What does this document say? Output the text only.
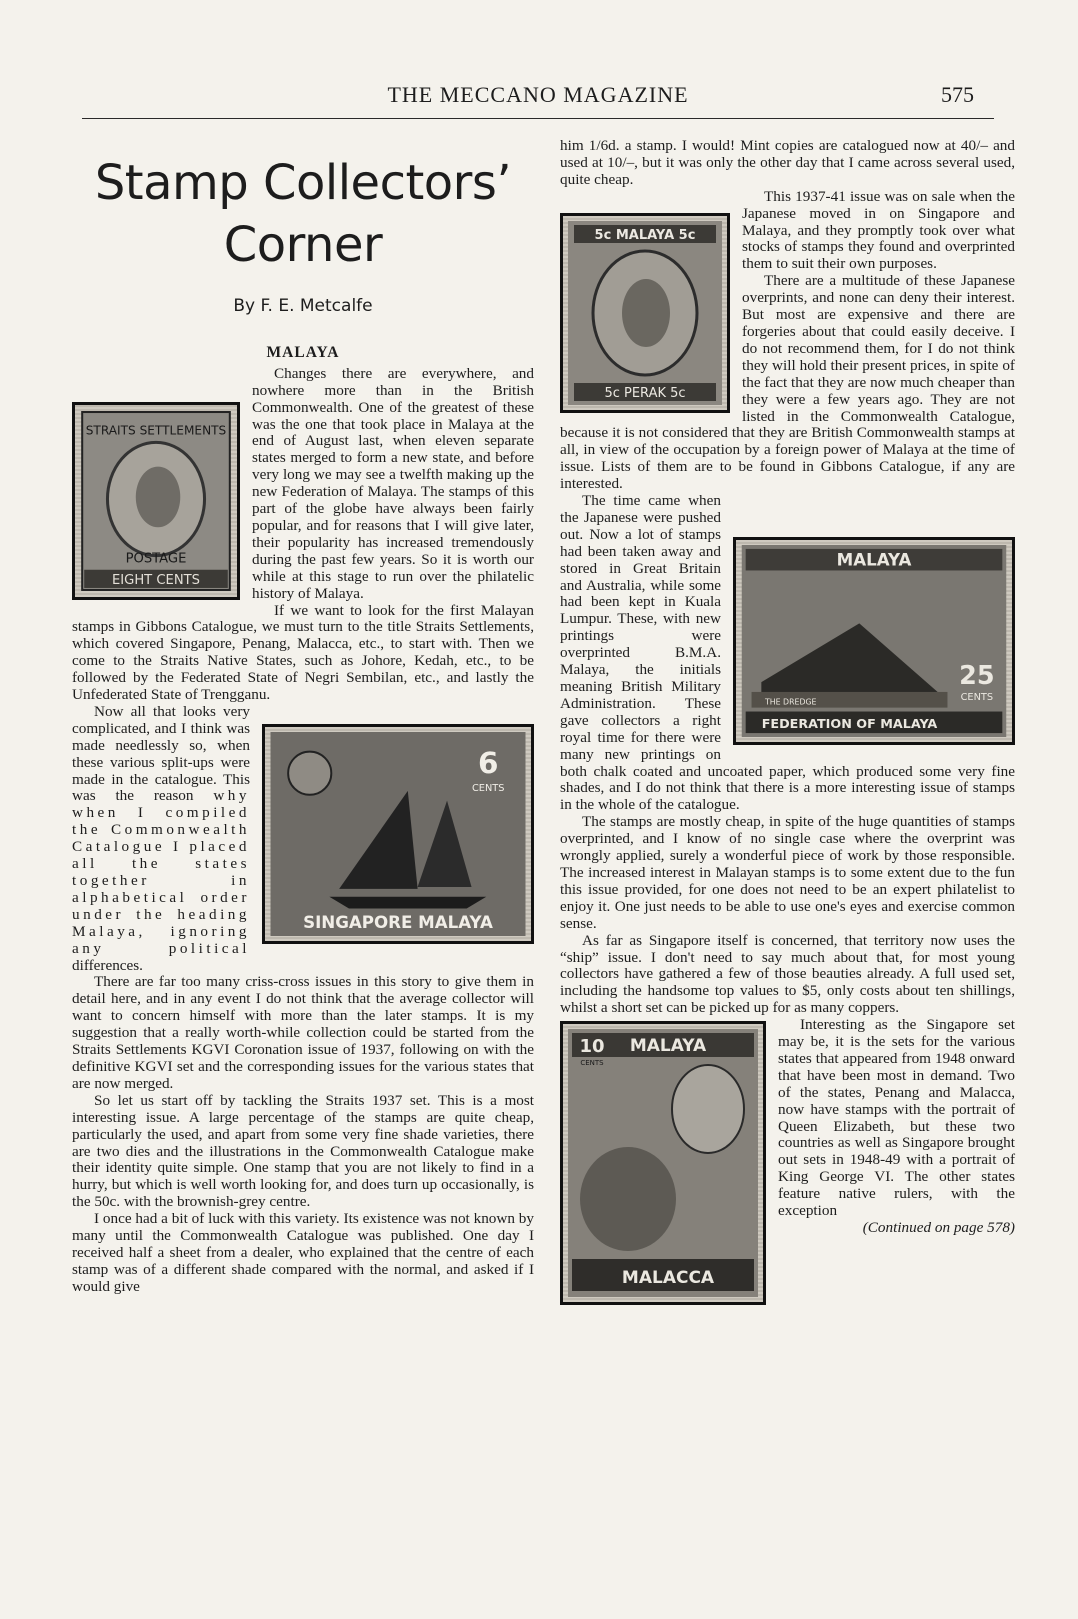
THE MECCANO MAGAZINE	575
Stamp Collectors’
Corner
By F. E. Metcalfe
MALAYA
STRAITS SETTLEMENTS
POSTAGE
EIGHT CENTS

Changes there are everywhere, and nowhere more than in the British Commonwealth. One of the greatest of these was the one that took place in Malaya at the end of August last, when eleven separate states merged to form a new state, and before very long we may see a twelfth making up the new Federation of Malaya. The stamps of this part of the globe have always been fairly popular, and for reasons that I will give later, their popularity has increased tremendously during the past few years. So it is worth our while at this stage to run over the philatelic history of Malaya.

If we want to look for the first Malayan stamps in Gibbons Catalogue, we must turn to the title Straits Settlements, which covered Singapore, Penang, Malacca, etc., to start with. Then we come to the Straits Native States, such as Johore, Kedah, etc., to be followed by the Federated State of Negri Sembilan, etc., and lastly the Unfederated State of Trengganu.

6
CENTS
SINGAPORE MALAYA

Now all that looks very complicated, and I think was made needlessly so, when these various split-ups were made in the catalogue. This was the reason why when I compiled the Commonwealth Catalogue I placed all the states together in alphabetical order under the heading Malaya, ignoring any political differences.

There are far too many criss-cross issues in this story to give them in detail here, and in any event I do not think that the average collector will want to concern himself with more than the later stamps. It is my suggestion that a really worth-while collection could be started from the Straits Settlements KGVI Coronation issue of 1937, following on with the definitive KGVI set and the corresponding issues for the various states that are now merged.

So let us start off by tackling the Straits 1937 set. This is a most interesting issue. A large percentage of the stamps are quite cheap, particularly the used, and apart from some very fine shade varieties, there are two dies and the illustrations in the Commonwealth Catalogue make their identity quite simple. One stamp that you are not likely to find in a hurry, but which is well worth looking for, and does turn up occasionally, is the 50c. with the brownish-grey centre.

I once had a bit of luck with this variety. Its existence was not known by many until the Commonwealth Catalogue was published. One day I received half a sheet from a dealer, who explained that the centre of each stamp was of a different shade compared with the normal, and asked if I would give

him 1/6d. a stamp. I would! Mint copies are catalogued now at 40/– and used at 10/–, but it was only the other day that I came across several used, quite cheap.

5c MALAYA 5c
5c PERAK 5c

This 1937-41 issue was on sale when the Japanese moved in on Singapore and Malaya, and they promptly took over what stocks of stamps they found and overprinted them to suit their own purposes.

There are a multitude of these Japanese overprints, and none can deny their interest. But most are expensive and there are forgeries about that could easily deceive. I do not recommend them, for I do not think they will hold their present prices, in spite of the fact that they are now much cheaper than they were a few years ago. They are not listed in the Commonwealth Catalogue, because it is not considered that they are British Commonwealth stamps at all, in view of the occupation by a foreign power of Malaya at the time of issue. Lists of them are to be found in Gibbons Catalogue, if any are interested.

MALAYA
25
CENTS
THE DREDGE
FEDERATION OF MALAYA

The time came when the Japanese were pushed out. Now a lot of stamps had been taken away and stored in Great Britain and Australia, while some had been kept in Kuala Lumpur. These, with new printings were overprinted B.M.A. Malaya, the initials meaning British Military Administration. These gave collectors a right royal time for there were many new printings on both chalk coated and uncoated paper, which produced some very fine shades, and I do not think that there is a more interesting issue of stamps in the whole of the catalogue.

The stamps are mostly cheap, in spite of the huge quantities of stamps overprinted, and I know of no single case where the overprint was wrongly applied, surely a wonderful piece of work by those responsible. The increased interest in Malayan stamps is to some extent due to the fun this issue provided, for one does not need to be an expert philatelist to enjoy it. One just needs to be able to use one's eyes and exercise common sense.

As far as Singapore itself is concerned, that territory now uses the “ship” issue. I don't need to say much about that, for most young collectors have gathered a few of those beauties already. A full used set, including the handsome top values to $5, only costs about ten shillings, whilst a short set can be picked up for as many coppers.

10
CENTS
MALAYA
MALACCA

Interesting as the Singapore set may be, it is the sets for the various states that appeared from 1948 onward that have been most in demand. Two of the states, Penang and Malacca, now have stamps with the portrait of Queen Elizabeth, but these two countries as well as Singapore brought out sets in 1948-49 with a portrait of King George VI. The other states feature native rulers, with the exception

(Continued on page 578)
